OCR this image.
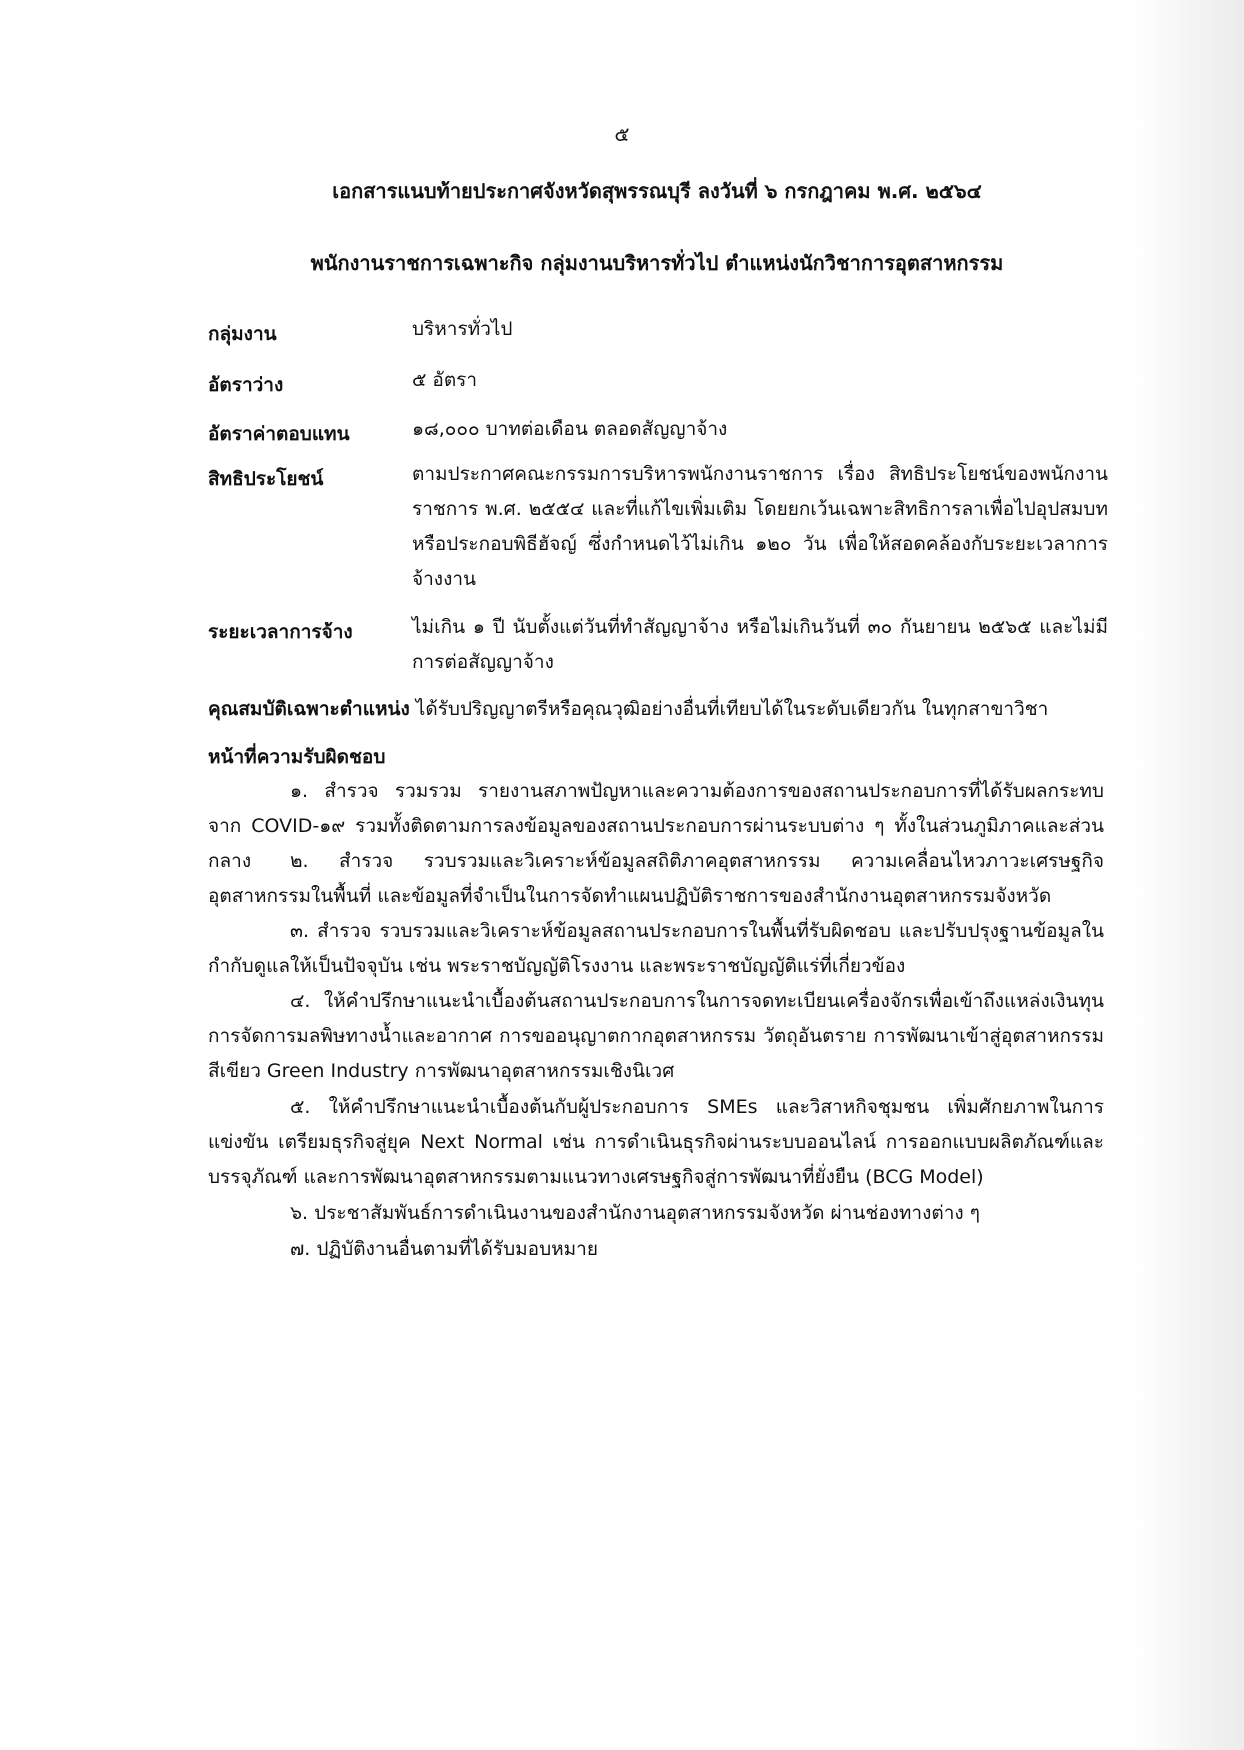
๕
เอกสารแนบท้ายประกาศจังหวัดสุพรรณบุรี ลงวันที่ ๖ กรกฎาคม พ.ศ. ๒๕๖๔
พนักงานราชการเฉพาะกิจ กลุ่มงานบริหารทั่วไป ตำแหน่งนักวิชาการอุตสาหกรรม
กลุ่มงาน	บริหารทั่วไป
อัตราว่าง	๕ อัตรา
อัตราค่าตอบแทน	๑๘,๐๐๐ บาทต่อเดือน ตลอดสัญญาจ้าง
สิทธิประโยชน์	ตามประกาศคณะกรรมการบริหารพนักงานราชการ เรื่อง สิทธิประโยชน์ของพนักงานราชการ พ.ศ. ๒๕๕๔ และที่แก้ไขเพิ่มเติม โดยยกเว้นเฉพาะสิทธิการลาเพื่อไปอุปสมบทหรือประกอบพิธีฮัจญ์ ซึ่งกำหนดไว้ไม่เกิน ๑๒๐ วัน เพื่อให้สอดคล้องกับระยะเวลาการจ้างงาน
ระยะเวลาการจ้าง	ไม่เกิน ๑ ปี นับตั้งแต่วันที่ทำสัญญาจ้าง หรือไม่เกินวันที่ ๓๐ กันยายน ๒๕๖๕ และไม่มีการต่อสัญญาจ้าง
คุณสมบัติเฉพาะตำแหน่ง ได้รับปริญญาตรีหรือคุณวุฒิอย่างอื่นที่เทียบได้ในระดับเดียวกัน ในทุกสาขาวิชา
หน้าที่ความรับผิดชอบ
๑. สำรวจ รวมรวม รายงานสภาพปัญหาและความต้องการของสถานประกอบการที่ได้รับผลกระทบจาก COVID-๑๙ รวมทั้งติดตามการลงข้อมูลของสถานประกอบการผ่านระบบต่าง ๆ ทั้งในส่วนภูมิภาคและส่วนกลาง	๒. สำรวจ รวบรวมและวิเคราะห์ข้อมูลสถิติภาคอุตสาหกรรม ความเคลื่อนไหวภาวะเศรษฐกิจอุตสาหกรรมในพื้นที่ และข้อมูลที่จำเป็นในการจัดทำแผนปฏิบัติราชการของสำนักงานอุตสาหกรรมจังหวัด
๓. สำรวจ รวบรวมและวิเคราะห์ข้อมูลสถานประกอบการในพื้นที่รับผิดชอบ และปรับปรุงฐานข้อมูลในกำกับดูแลให้เป็นปัจจุบัน เช่น พระราชบัญญัติโรงงาน และพระราชบัญญัติแร่ที่เกี่ยวข้อง
๔. ให้คำปรึกษาแนะนำเบื้องต้นสถานประกอบการในการจดทะเบียนเครื่องจักรเพื่อเข้าถึงแหล่งเงินทุน การจัดการมลพิษทางน้ำและอากาศ การขออนุญาตกากอุตสาหกรรม วัตถุอันตราย การพัฒนาเข้าสู่อุตสาหกรรมสีเขียว Green Industry การพัฒนาอุตสาหกรรมเชิงนิเวศ
๕. ให้คำปรึกษาแนะนำเบื้องต้นกับผู้ประกอบการ SMEs และวิสาหกิจชุมชน เพิ่มศักยภาพในการแข่งขัน เตรียมธุรกิจสู่ยุค Next Normal เช่น การดำเนินธุรกิจผ่านระบบออนไลน์ การออกแบบผลิตภัณฑ์และบรรจุภัณฑ์ และการพัฒนาอุตสาหกรรมตามแนวทางเศรษฐกิจสู่การพัฒนาที่ยั่งยืน (BCG Model)
๖. ประชาสัมพันธ์การดำเนินงานของสำนักงานอุตสาหกรรมจังหวัด ผ่านช่องทางต่าง ๆ
๗. ปฏิบัติงานอื่นตามที่ได้รับมอบหมาย
